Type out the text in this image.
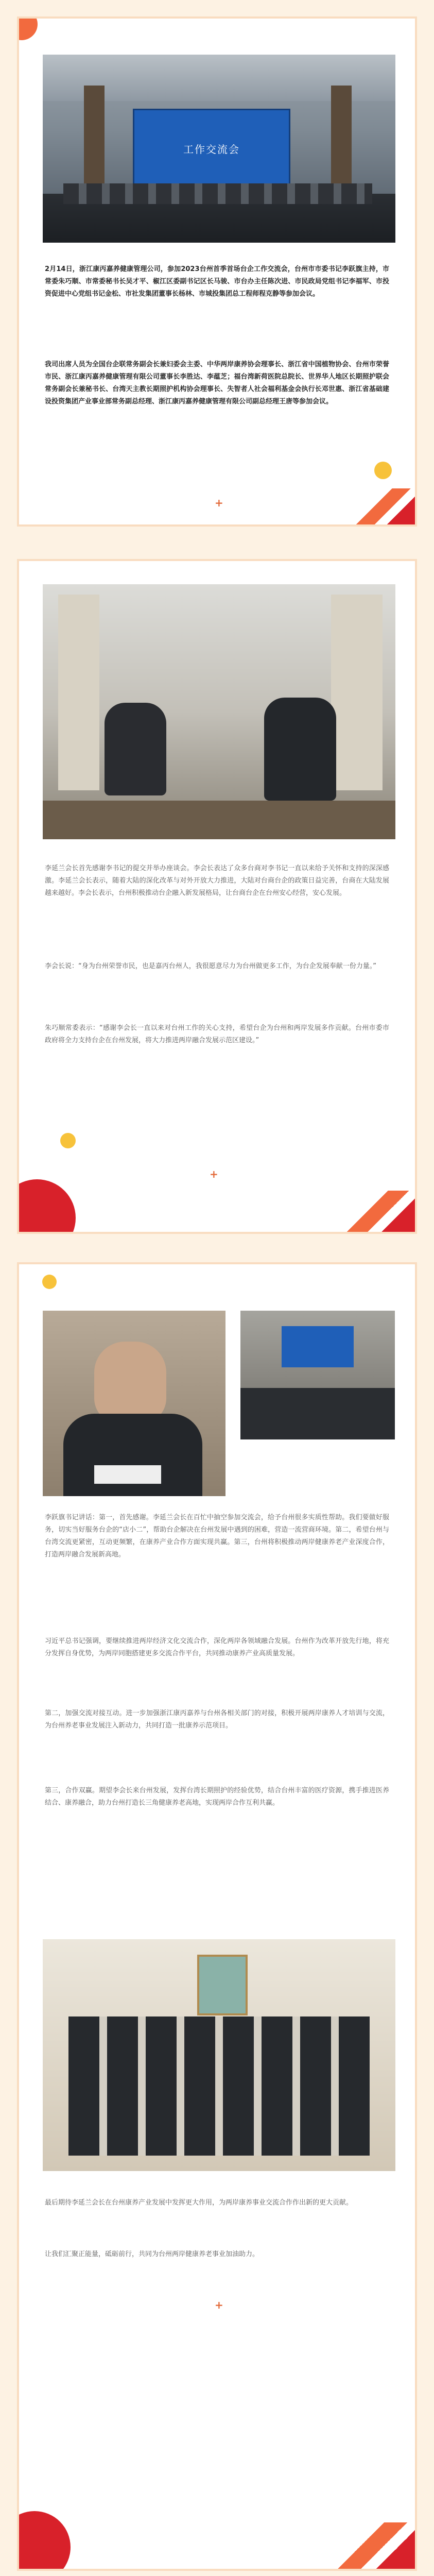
工作交流会
2月14日，浙江康丙嘉养健康管理公司，参加2023台州首季首场台企工作交流会，台州市市委书记李跃旗主持，市常委朱巧顺、市常委秘书长吴才平、椒江区委副书记区长马骏、市台办主任陈次进、市民政局党组书记李福军、市投资促进中心党组书记金松、市社发集团董事长杨林、市城投集团总工程师程克静等参加会议。
我司出席人员为全国台企联常务副会长兼妇委会主委、中华两岸康养协会理事长、浙江省中国植物协会、台州市荣誉市民、浙江康丙嘉养健康管理有限公司董事长李胜达、李蕴芝；福台湾新荷医院总院长、世界华人地区长期照护联会常务副会长兼秘书长、台湾天主教长期照护机构协会理事长、失智者人社会福利基金会执行长邓世惠、浙江省基础建设投资集团产业事业部常务副总经理、浙江康丙嘉养健康管理有限公司副总经理王唐等参加会议。
+
李延兰会长首先感谢李书记的提交并举办座谈会。李会长表达了众多台商对李书记一直以来给予关怀和支持的深深感激。李延兰会长表示，随着大陆的深化改革与对外开放大力推进，大陆对台商台企的政策日益完善，台商在大陆发展越来越好。李会长表示，台州积极推动台企融入新发展格局，让台商台企在台州安心经营，安心发展。
李会长说：“身为台州荣誉市民，也是嘉丙台州人，我很愿意尽力为台州做更多工作，为台企发展奉献一份力量。”
朱巧顺常委表示：“感谢李会长一直以来对台州工作的关心支持，希望台企为台州和两岸发展多作贡献。台州市委市政府将全力支持台企在台州发展，将大力推进两岸融合发展示范区建设。”
+
李跃旗书记讲话：第一，首先感谢。李延兰会长在百忙中抽空参加交流会，给予台州很多实质性帮助。我们要做好服务，切实当好服务台企的“店小二”，帮助台企解决在台州发展中遇到的困难，营造一流营商环境。第二，希望台州与台湾交流更紧密，互动更频繁，在康养产业合作方面实现共赢。第三，台州将积极推动两岸健康养老产业深度合作，打造两岸融合发展新高地。
习近平总书记强调，要继续推进两岸经济文化交流合作，深化两岸各领域融合发展。台州作为改革开放先行地，将充分发挥自身优势，为两岸同胞搭建更多交流合作平台，共同推动康养产业高质量发展。
第二，加强交流对接互动。进一步加强浙江康丙嘉养与台州各相关部门的对接，积极开展两岸康养人才培训与交流，为台州养老事业发展注入新动力，共同打造一批康养示范项目。
第三，合作双赢。期望李会长来台州发展，发挥台湾长期照护的经验优势，结合台州丰富的医疗资源，携手推进医养结合、康养融合，助力台州打造长三角健康养老高地，实现两岸合作互利共赢。
最后期待李延兰会长在台州康养产业发展中发挥更大作用，为两岸康养事业交流合作作出新的更大贡献。
让我们汇聚正能量，砥砺前行，共同为台州两岸健康养老事业加油助力。
+
